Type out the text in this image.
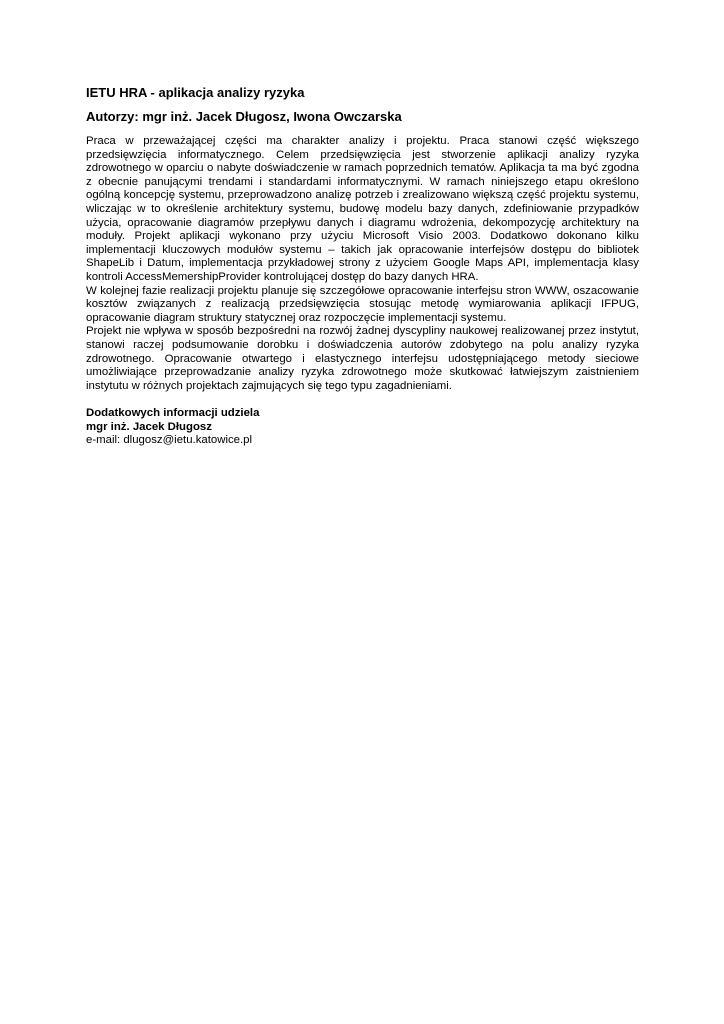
IETU HRA - aplikacja analizy ryzyka
Autorzy: mgr inż. Jacek Długosz, Iwona Owczarska

Praca w przeważającej części ma charakter analizy i projektu. Praca stanowi część większego przedsięwzięcia informatycznego. Celem przedsięwzięcia jest stworzenie aplikacji analizy ryzyka zdrowotnego w oparciu o nabyte doświadczenie w ramach poprzednich tematów. Aplikacja ta ma być zgodna z obecnie panującymi trendami i standardami informatycznymi. W ramach niniejszego etapu określono ogólną koncepcję systemu, przeprowadzono analizę potrzeb i zrealizowano większą część projektu systemu, wliczając w to określenie architektury systemu, budowę modelu bazy danych, zdefiniowanie przypadków użycia, opracowanie diagramów przepływu danych i diagramu wdrożenia, dekompozycję architektury na moduły. Projekt aplikacji wykonano przy użyciu Microsoft Visio 2003. Dodatkowo dokonano kilku implementacji kluczowych modułów systemu – takich jak opracowanie interfejsów dostępu do bibliotek ShapeLib i Datum, implementacja przykładowej strony z użyciem Google Maps API, implementacja klasy kontroli AccessMemershipProvider kontrolującej dostęp do bazy danych HRA.

W kolejnej fazie realizacji projektu planuje się szczegółowe opracowanie interfejsu stron WWW, oszacowanie kosztów związanych z realizacją przedsięwzięcia stosując metodę wymiarowania aplikacji IFPUG, opracowanie diagram struktury statycznej oraz rozpoczęcie implementacji systemu.

Projekt nie wpływa w sposób bezpośredni na rozwój żadnej dyscypliny naukowej realizowanej przez instytut, stanowi raczej podsumowanie dorobku i doświadczenia autorów zdobytego na polu analizy ryzyka zdrowotnego. Opracowanie otwartego i elastycznego interfejsu udostępniającego metody sieciowe umożliwiające przeprowadzanie analizy ryzyka zdrowotnego może skutkować łatwiejszym zaistnieniem instytutu w różnych projektach zajmujących się tego typu zagadnieniami.

Dodatkowych informacji udziela
mgr inż. Jacek Długosz
e-mail: dlugosz@ietu.katowice.pl
